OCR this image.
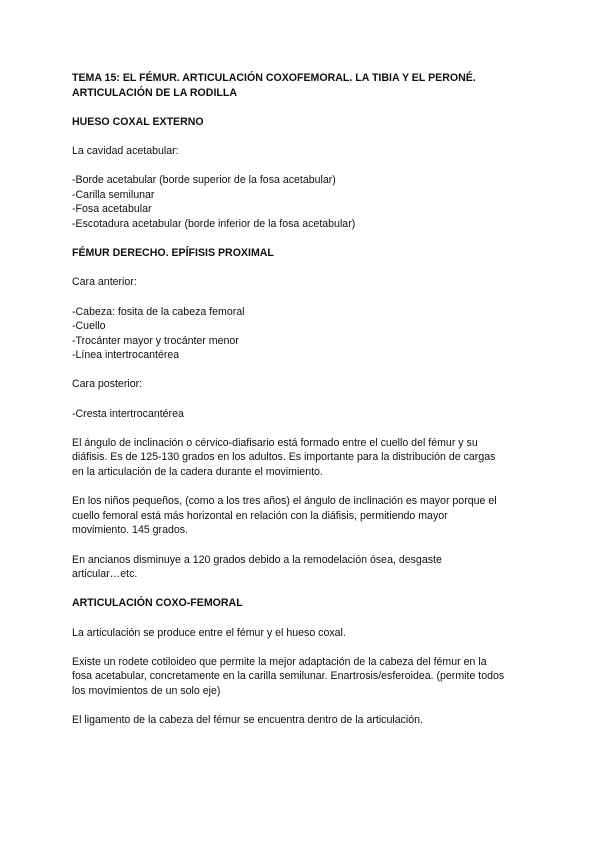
TEMA 15: EL FÉMUR. ARTICULACIÓN COXOFEMORAL. LA TIBIA Y EL PERONÉ.

ARTICULACIÓN DE LA RODILLA

HUESO COXAL EXTERNO

La cavidad acetabular:

-Borde acetabular (borde superior de la fosa acetabular)

-Carilla semilunar

-Fosa acetabular

-Escotadura acetabular (borde inferior de la fosa acetabular)

FÉMUR DERECHO. EPÍFISIS PROXIMAL

Cara anterior:

-Cabeza: fosita de la cabeza femoral

-Cuello

-Trocánter mayor y trocánter menor

-Línea intertrocantérea

Cara posterior:

-Cresta intertrocantérea

El ángulo de inclinación o cérvico-diafisario está formado entre el cuello del fémur y su

diáfisis. Es de 125-130 grados en los adultos. Es importante para la distribución de cargas

en la articulación de la cadera durante el movimiento.

En los niños pequeños, (como a los tres años) el ángulo de inclinación es mayor porque el

cuello femoral está más horizontal en relación con la diáfisis, permitiendo mayor

movimiento. 145 grados.

En ancianos disminuye a 120 grados debido a la remodelación ósea, desgaste

articular…etc.

ARTICULACIÓN COXO-FEMORAL

La articulación se produce entre el fémur y el hueso coxal.

Existe un rodete cotiloideo que permite la mejor adaptación de la cabeza del fémur en la

fosa acetabular, concretamente en la carilla semilunar. Enartrosis/esferoidea. (permite todos

los movimientos de un solo eje)

El ligamento de la cabeza del fémur se encuentra dentro de la articulación.
